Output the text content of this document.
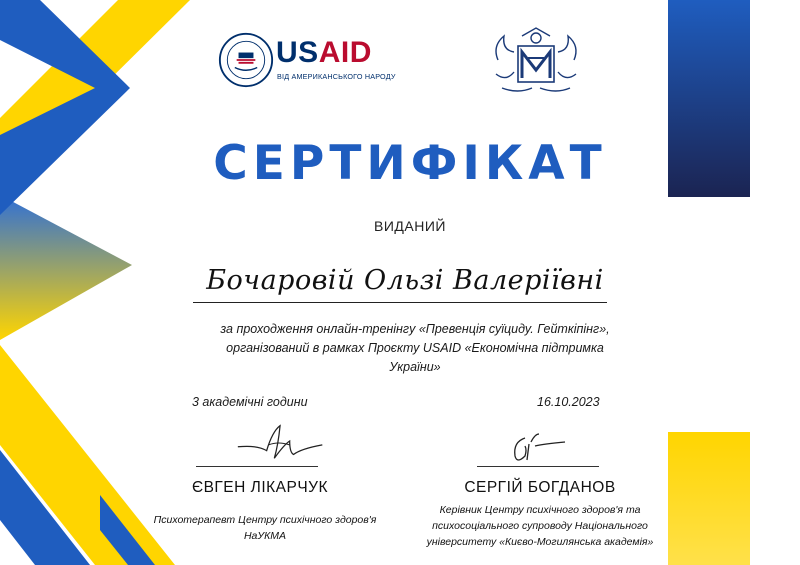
USAID
ВІД АМЕРИКАНСЬКОГО НАРОДУ
СЕРТИФІКАТ
ВИДАНИЙ
Бочаровій Ользі Валеріївні
за проходження онлайн-тренінгу «Превенція суїциду. Гейткіпінг»,
організований в рамках Проєкту USAID «Економічна підтримка
України»
3 академічні години	16.10.2023
ЄВГЕН ЛІКАРЧУК
Психотерапевт Центру психічного здоров'я
НаУКМА
СЕРГІЙ БОГДАНОВ
Керівник Центру психічного здоров'я та
психосоціального супроводу Національного
університету «Києво-Могилянська академія»
